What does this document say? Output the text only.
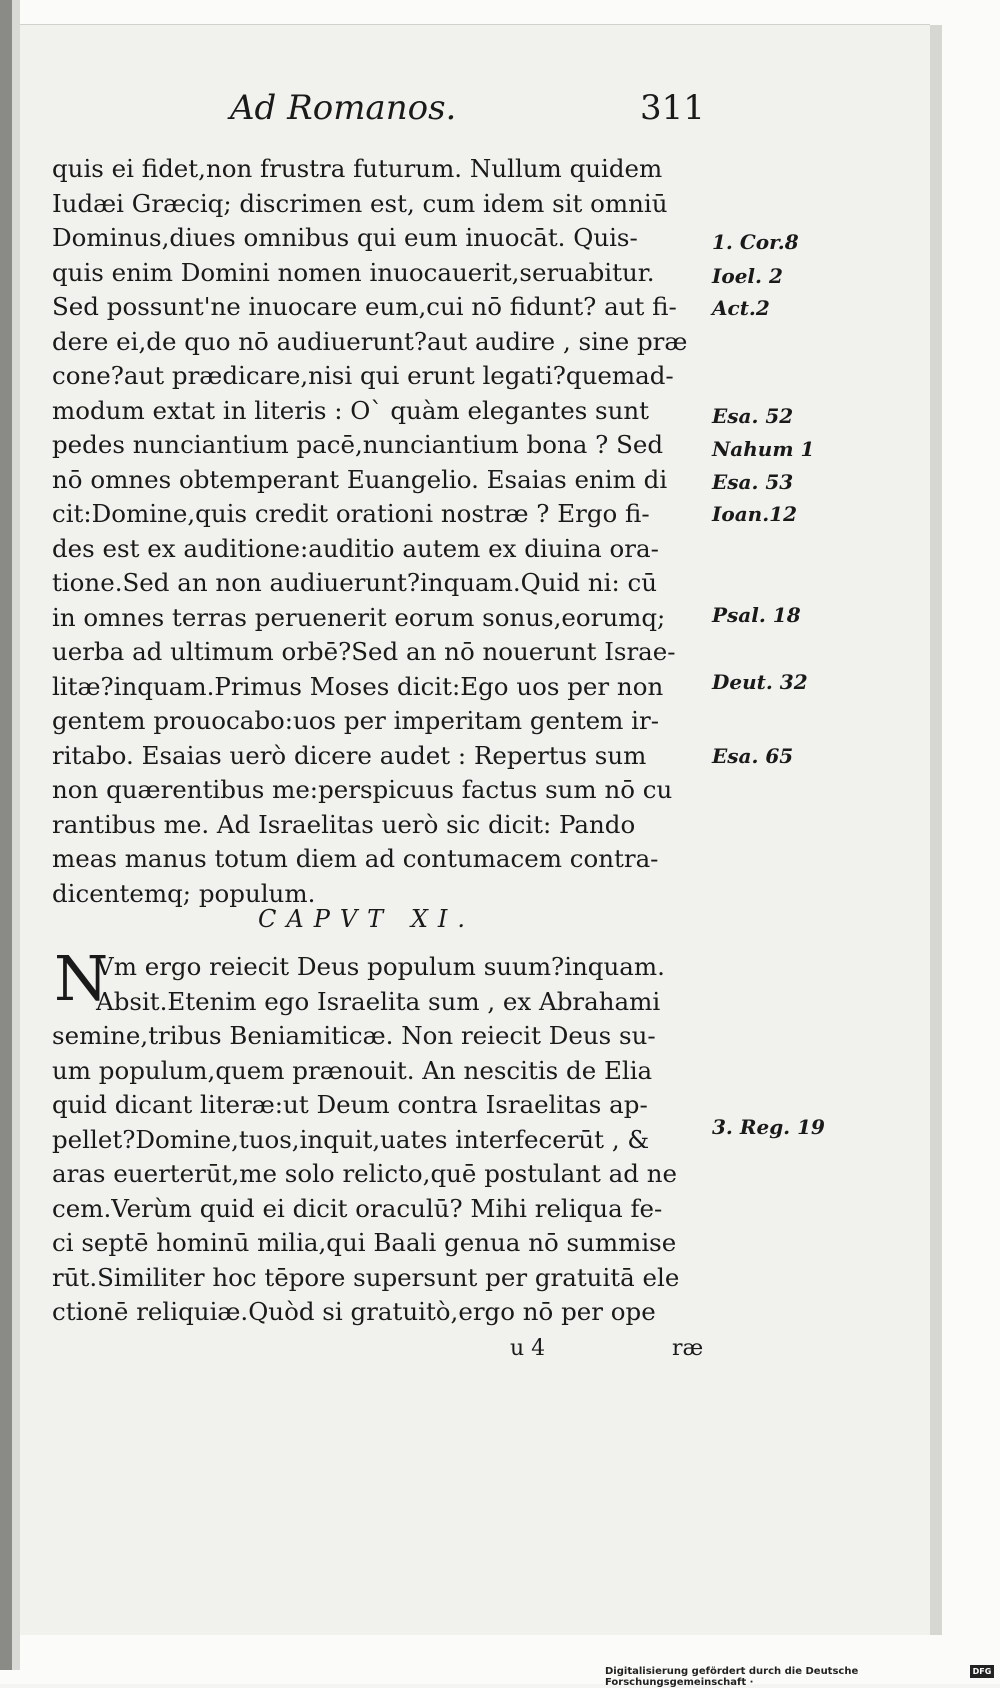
Ad Romanos.	311
quis ei fidet,non frustra futurum. Nullum quidem
Iudæi Græciq; discrimen est, cum idem sit omniū
Dominus,diues omnibus qui eum inuocāt. Quis-
quis enim Domini nomen inuocauerit,seruabitur.
Sed possunt'ne inuocare eum,cui nō fidunt? aut fi-
dere ei,de quo nō audiuerunt?aut audire , sine præ
cone?aut prædicare,nisi qui erunt legati?quemad-
modum extat in literis : O` quàm elegantes sunt
pedes nunciantium pacē,nunciantium bona ? Sed
nō omnes obtemperant Euangelio. Esaias enim di
cit:Domine,quis credit orationi nostræ ? Ergo fi-
des est ex auditione:auditio autem ex diuina ora-
tione.Sed an non audiuerunt?inquam.Quid ni: cū
in omnes terras peruenerit eorum sonus,eorumq;
uerba ad ultimum orbē?Sed an nō nouerunt Israe-
litæ?inquam.Primus Moses dicit:Ego uos per non
gentem prouocabo:uos per imperitam gentem ir-
ritabo. Esaias uerò dicere audet : Repertus sum
non quærentibus me:perspicuus factus sum nō cu
rantibus me. Ad Israelitas uerò sic dicit: Pando
meas manus totum diem ad contumacem contra-
dicentemq; populum.
CAPVT XI.
N
Vm ergo reiecit Deus populum suum?inquam.
Absit.Etenim ego Israelita sum , ex Abrahami
semine,tribus Beniamiticæ. Non reiecit Deus su-
um populum,quem prænouit. An nescitis de Elia
quid dicant literæ:ut Deum contra Israelitas ap-
pellet?Domine,tuos,inquit,uates interfecerūt , &
aras euerterūt,me solo relicto,quē postulant ad ne
cem.Verùm quid ei dicit oraculū? Mihi reliqua fe-
ci septē hominū milia,qui Baali genua nō summise
rūt.Similiter hoc tēpore supersunt per gratuitā ele
ctionē reliquiæ.Quòd si gratuitò,ergo nō per ope
u 4	ræ
1. Cor.8
Ioel. 2
Act.2
Esa. 52
Nahum 1
Esa. 53
Ioan.12
Psal. 18
Deut. 32
Esa. 65
3. Reg. 19
Digitalisierung gefördert durch die Deutsche Forschungsgemeinschaft ·
DFG
